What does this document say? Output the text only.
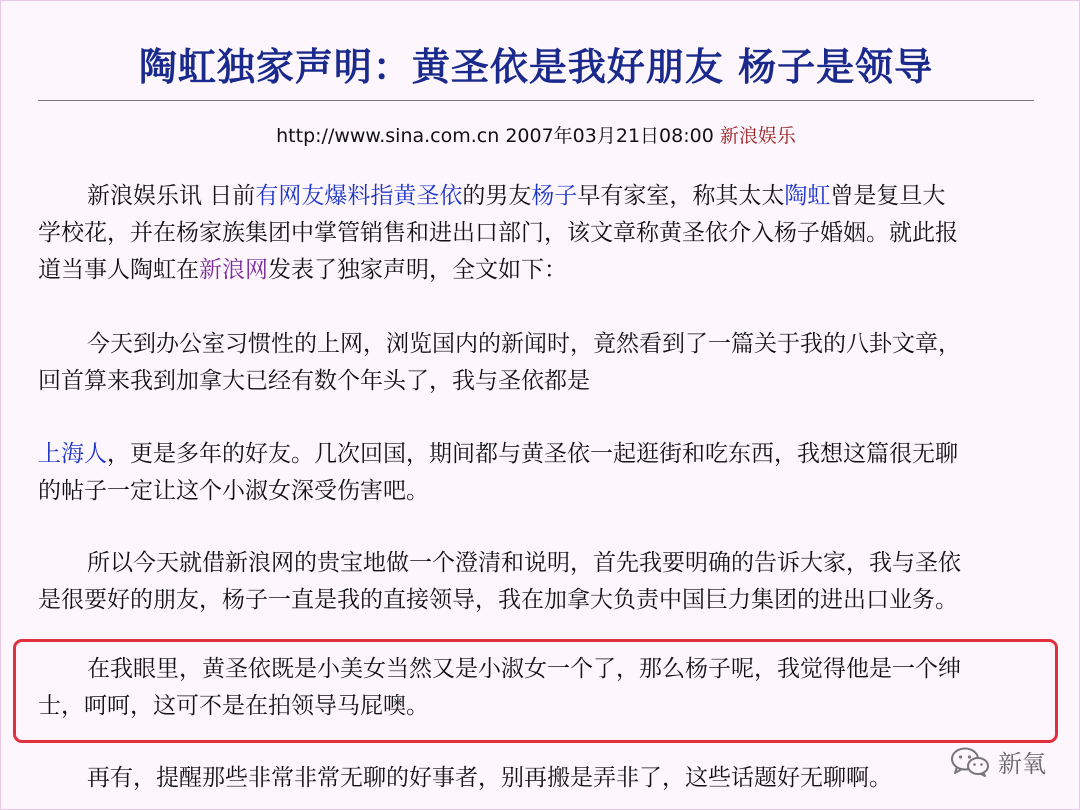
陶虹独家声明：黄圣依是我好朋友 杨子是领导
http://www.sina.com.cn 2007年03月21日08:00 新浪娱乐

新浪娱乐讯 日前有网友爆料指黄圣依的男友杨子早有家室，称其太太陶虹曾是复旦大
学校花，并在杨家族集团中掌管销售和进出口部门，该文章称黄圣依介入杨子婚姻。就此报
道当事人陶虹在新浪网发表了独家声明，全文如下：

今天到办公室习惯性的上网，浏览国内的新闻时，竟然看到了一篇关于我的八卦文章，
回首算来我到加拿大已经有数个年头了，我与圣依都是

上海人，更是多年的好友。几次回国，期间都与黄圣依一起逛街和吃东西，我想这篇很无聊
的帖子一定让这个小淑女深受伤害吧。

所以今天就借新浪网的贵宝地做一个澄清和说明，首先我要明确的告诉大家，我与圣依
是很要好的朋友，杨子一直是我的直接领导，我在加拿大负责中国巨力集团的进出口业务。

在我眼里，黄圣依既是小美女当然又是小淑女一个了，那么杨子呢，我觉得他是一个绅
士，呵呵，这可不是在拍领导马屁噢。

再有，提醒那些非常非常无聊的好事者，别再搬是弄非了，这些话题好无聊啊。	新氧
